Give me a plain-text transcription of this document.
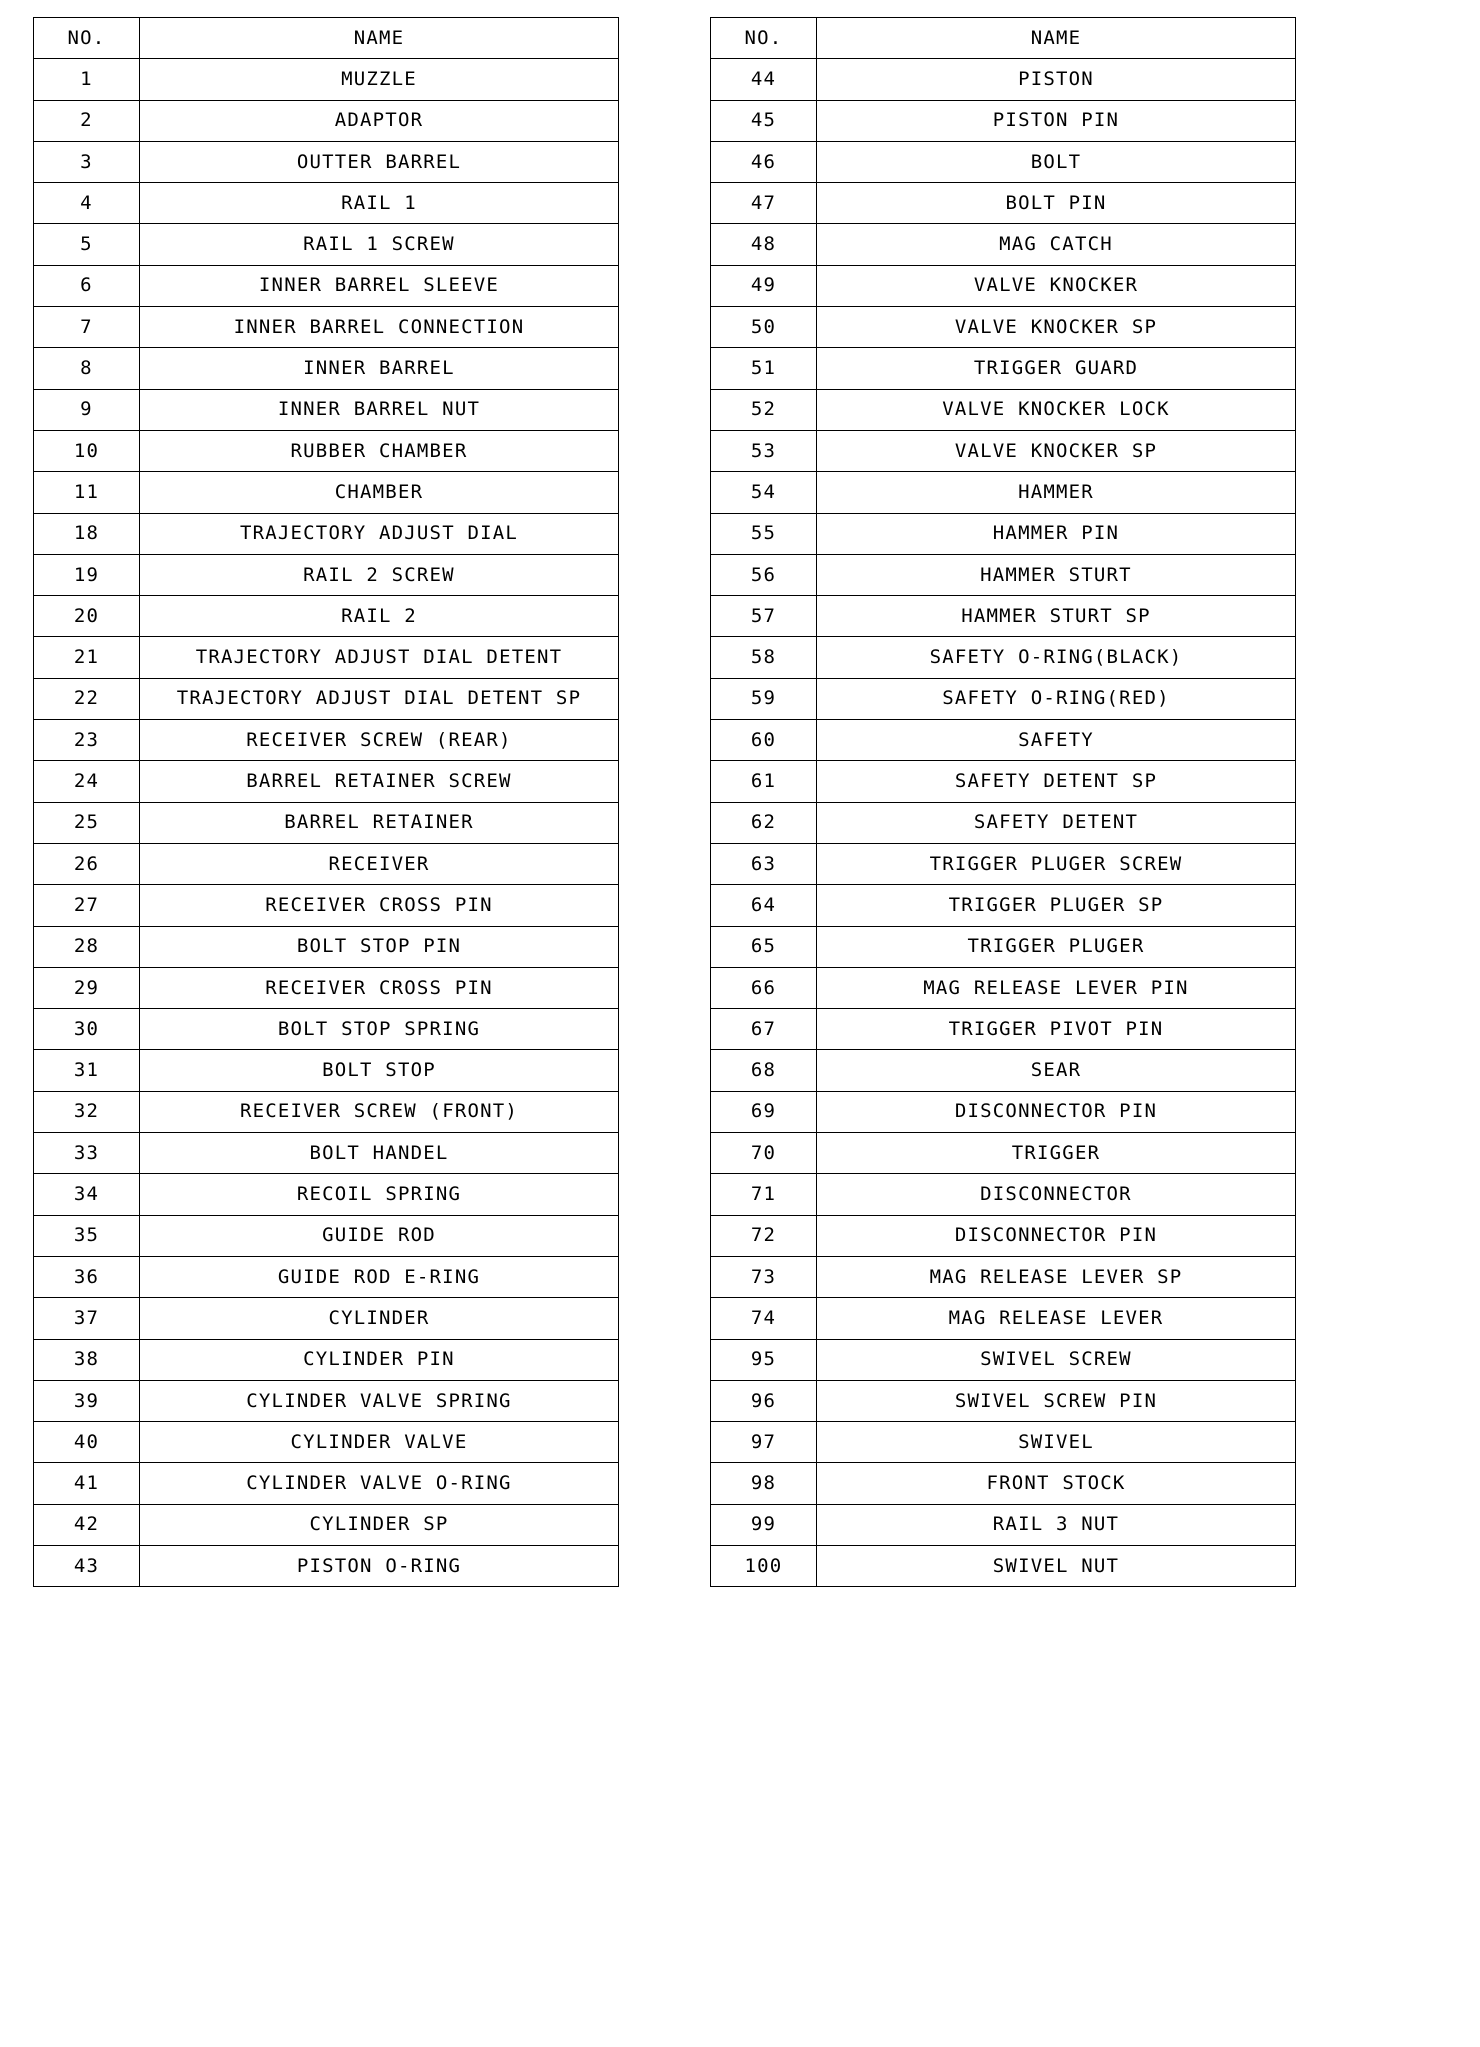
NO.	NAME
1	MUZZLE
2	ADAPTOR
3	OUTTER BARREL
4	RAIL 1
5	RAIL 1 SCREW
6	INNER BARREL SLEEVE
7	INNER BARREL CONNECTION
8	INNER BARREL
9	INNER BARREL NUT
10	RUBBER CHAMBER
11	CHAMBER
18	TRAJECTORY ADJUST DIAL
19	RAIL 2 SCREW
20	RAIL 2
21	TRAJECTORY ADJUST DIAL DETENT
22	TRAJECTORY ADJUST DIAL DETENT SP
23	RECEIVER SCREW (REAR)
24	BARREL RETAINER SCREW
25	BARREL RETAINER
26	RECEIVER
27	RECEIVER CROSS PIN
28	BOLT STOP PIN
29	RECEIVER CROSS PIN
30	BOLT STOP SPRING
31	BOLT STOP
32	RECEIVER SCREW (FRONT)
33	BOLT HANDEL
34	RECOIL SPRING
35	GUIDE ROD
36	GUIDE ROD E-RING
37	CYLINDER
38	CYLINDER PIN
39	CYLINDER VALVE SPRING
40	CYLINDER VALVE
41	CYLINDER VALVE O-RING
42	CYLINDER SP
43	PISTON O-RING
NO.	NAME
44	PISTON
45	PISTON PIN
46	BOLT
47	BOLT PIN
48	MAG CATCH
49	VALVE KNOCKER
50	VALVE KNOCKER SP
51	TRIGGER GUARD
52	VALVE KNOCKER LOCK
53	VALVE KNOCKER SP
54	HAMMER
55	HAMMER PIN
56	HAMMER STURT
57	HAMMER STURT SP
58	SAFETY O-RING(BLACK)
59	SAFETY O-RING(RED)
60	SAFETY
61	SAFETY DETENT SP
62	SAFETY DETENT
63	TRIGGER PLUGER SCREW
64	TRIGGER PLUGER SP
65	TRIGGER PLUGER
66	MAG RELEASE LEVER PIN
67	TRIGGER PIVOT PIN
68	SEAR
69	DISCONNECTOR PIN
70	TRIGGER
71	DISCONNECTOR
72	DISCONNECTOR PIN
73	MAG RELEASE LEVER SP
74	MAG RELEASE LEVER
95	SWIVEL SCREW
96	SWIVEL SCREW PIN
97	SWIVEL
98	FRONT STOCK
99	RAIL 3 NUT
100	SWIVEL NUT
